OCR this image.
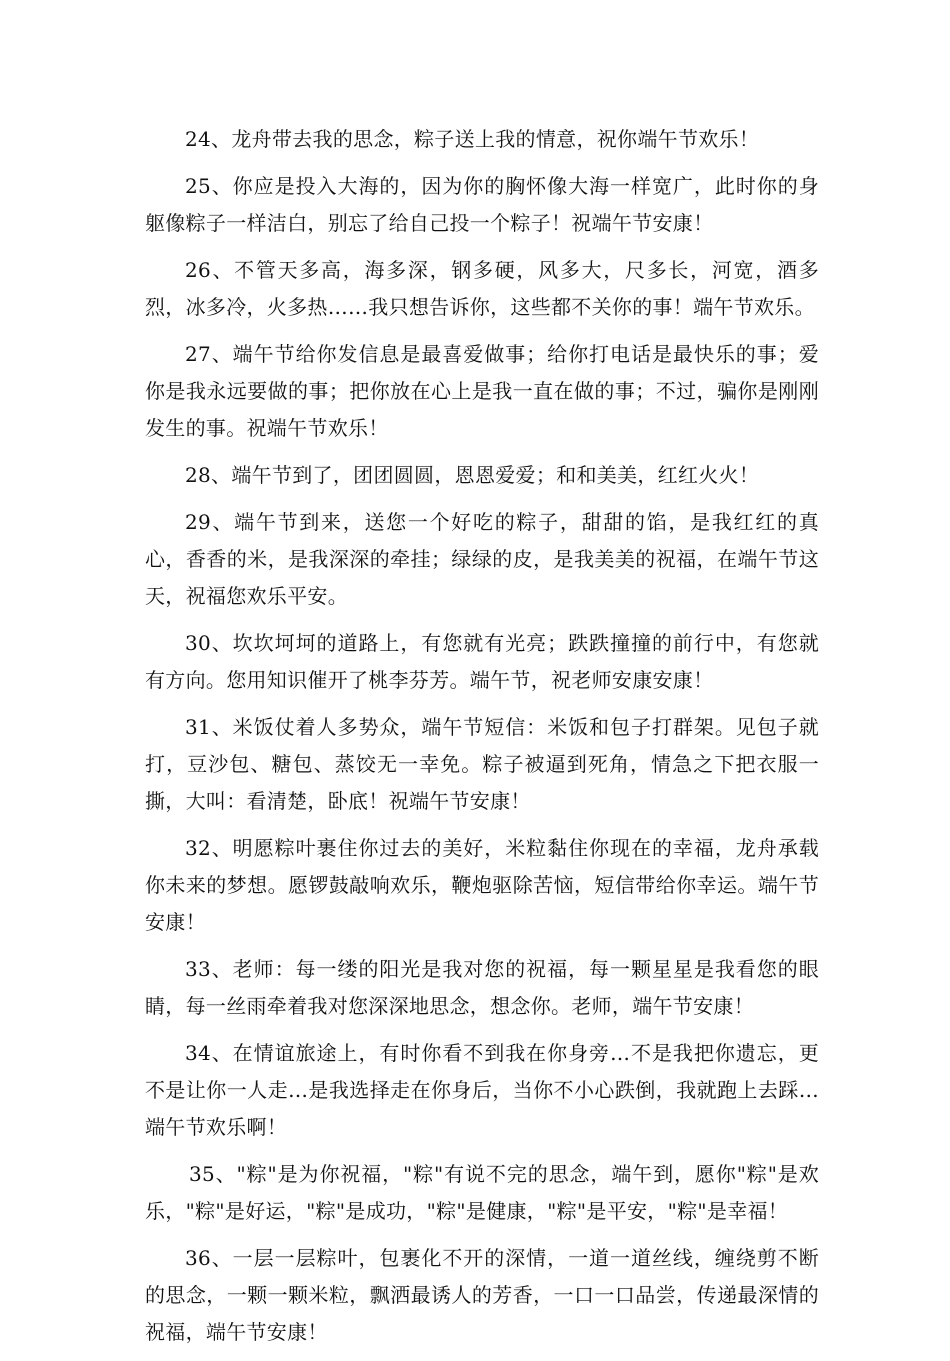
24、龙舟带去我的思念，粽子送上我的情意，祝你端午节欢乐！

25、你应是投入大海的，因为你的胸怀像大海一样宽广，此时你的身躯像粽子一样洁白，别忘了给自己投一个粽子！祝端午节安康！

26、不管天多高，海多深，钢多硬，风多大，尺多长，河宽，酒多烈，冰多冷，火多热……我只想告诉你，这些都不关你的事！端午节欢乐。

27、端午节给你发信息是最喜爱做事；给你打电话是最快乐的事；爱你是我永远要做的事；把你放在心上是我一直在做的事；不过，骗你是刚刚发生的事。祝端午节欢乐！

28、端午节到了，团团圆圆，恩恩爱爱；和和美美，红红火火！

29、端午节到来，送您一个好吃的粽子，甜甜的馅，是我红红的真心，香香的米，是我深深的牵挂；绿绿的皮，是我美美的祝福，在端午节这天，祝福您欢乐平安。

30、坎坎坷坷的道路上，有您就有光亮；跌跌撞撞的前行中，有您就有方向。您用知识催开了桃李芬芳。端午节，祝老师安康安康！

31、米饭仗着人多势众，端午节短信：米饭和包子打群架。见包子就打，豆沙包、糖包、蒸饺无一幸免。粽子被逼到死角，情急之下把衣服一撕，大叫：看清楚，卧底！祝端午节安康！

32、明愿粽叶裹住你过去的美好，米粒黏住你现在的幸福，龙舟承载你未来的梦想。愿锣鼓敲响欢乐，鞭炮驱除苦恼，短信带给你幸运。端午节安康！

33、老师：每一缕的阳光是我对您的祝福，每一颗星星是我看您的眼睛，每一丝雨牵着我对您深深地思念，想念你。老师，端午节安康！

34、在情谊旅途上，有时你看不到我在你身旁…不是我把你遗忘，更不是让你一人走…是我选择走在你身后，当你不小心跌倒，我就跑上去踩…端午节欢乐啊！

35、"粽"是为你祝福，"粽"有说不完的思念，端午到，愿你"粽"是欢乐，"粽"是好运，"粽"是成功，"粽"是健康，"粽"是平安，"粽"是幸福！

36、一层一层粽叶，包裹化不开的深情，一道一道丝线，缠绕剪不断的思念，一颗一颗米粒，飘洒最诱人的芳香，一口一口品尝，传递最深情的祝福，端午节安康！
